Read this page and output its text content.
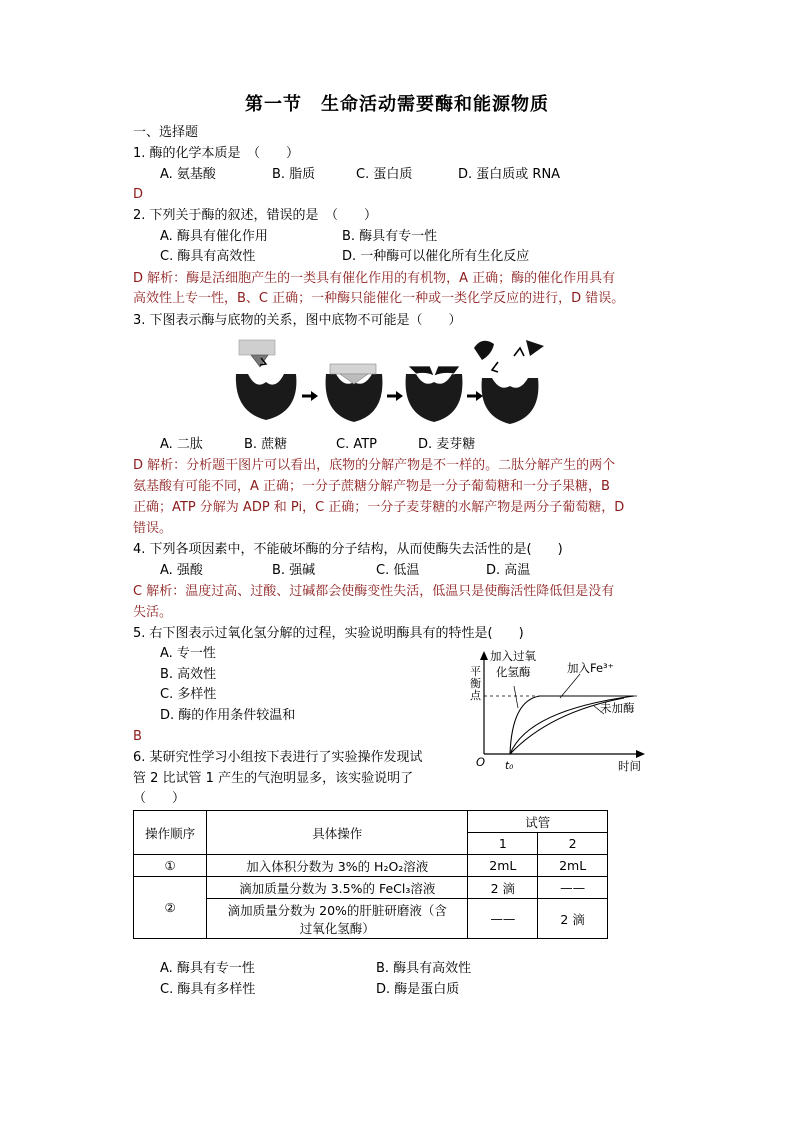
第一节　生命活动需要酶和能源物质
一、选择题
1. 酶的化学本质是　（　　）
A. 氨基酸	B. 脂质	C. 蛋白质	D. 蛋白质或 RNA
D
2. 下列关于酶的叙述，错误的是　（　　）
A. 酶具有催化作用	B. 酶具有专一性
C. 酶具有高效性	D. 一种酶可以催化所有生化反应
D 解析：酶是活细胞产生的一类具有催化作用的有机物，A 正确；酶的催化作用具有
高效性上专一性，B、C 正确；一种酶只能催化一种或一类化学反应的进行，D 错误。
3. 下图表示酶与底物的关系，图中底物不可能是（　　）
A. 二肽	B. 蔗糖	C. ATP	D. 麦芽糖
D 解析：分析题干图片可以看出，底物的分解产物是不一样的。二肽分解产生的两个
氨基酸有可能不同，A 正确；一分子蔗糖分解产物是一分子葡萄糖和一分子果糖，B
正确；ATP 分解为 ADP 和 Pi，C 正确；一分子麦芽糖的水解产物是两分子葡萄糖，D
错误。
4. 下列各项因素中，不能破坏酶的分子结构，从而使酶失去活性的是(　　)
A. 强酸	B. 强碱	C. 低温	D. 高温
C 解析：温度过高、过酸、过碱都会使酶变性失活，低温只是使酶活性降低但是没有
失活。
5. 右下图表示过氧化氢分解的过程，实验说明酶具有的特性是(　　)
A. 专一性
B. 高效性
C. 多样性
D. 酶的作用条件较温和
B
平衡点
加入过氧
化氢酶	加入Fe³⁺
未加酶
O t₀	时间
6. 某研究性学习小组按下表进行了实验操作发现试
管 2 比试管 1 产生的气泡明显多，该实验说明了
（　　）
操作顺序	具体操作	试管	
		1	2
①	加入体积分数为 3%的 H₂O₂溶液	2mL	2mL
②	滴加质量分数为 3.5%的 FeCl₃溶液	2 滴	——

	滴加质量分数为 20%的肝脏研磨液（含
过氧化氢酶）	——	2 滴
A. 酶具有专一性	B. 酶具有高效性
C. 酶具有多样性	D. 酶是蛋白质
